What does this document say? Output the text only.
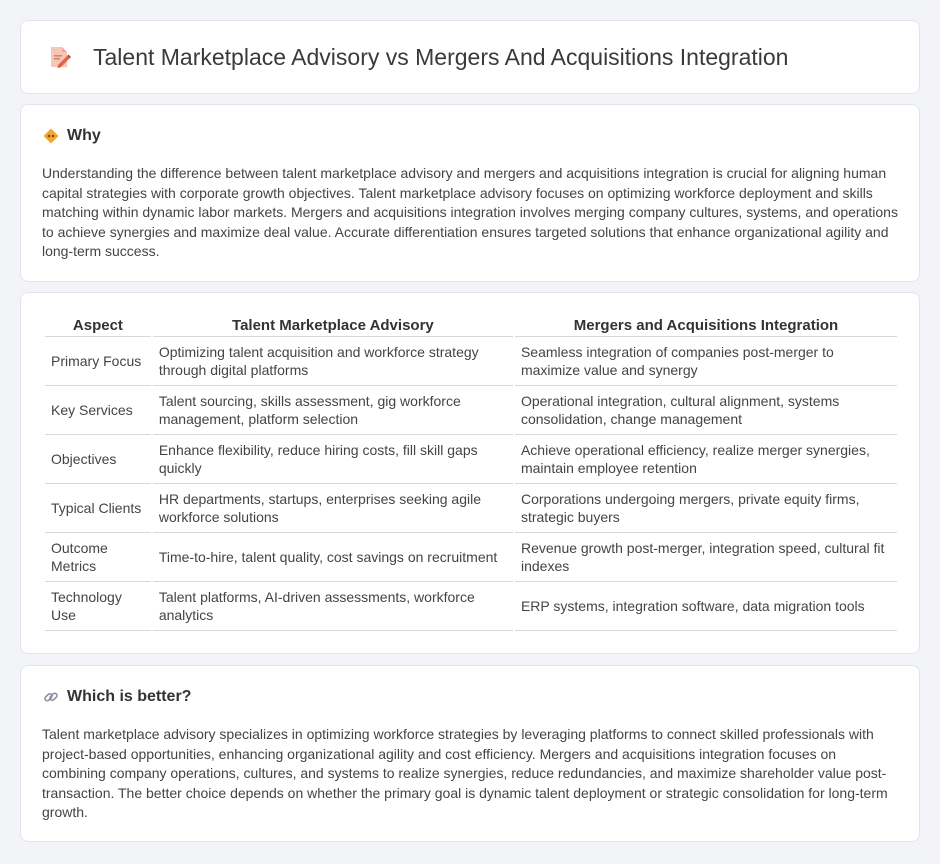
Talent Marketplace Advisory vs Mergers And Acquisitions Integration
Why

Understanding the difference between talent marketplace advisory and mergers and acquisitions integration is crucial for aligning human capital strategies with corporate growth objectives. Talent marketplace advisory focuses on optimizing workforce deployment and skills matching within dynamic labor markets. Mergers and acquisitions integration involves merging company cultures, systems, and operations to achieve synergies and maximize deal value. Accurate differentiation ensures targeted solutions that enhance organizational agility and long-term success.

Aspect	Talent Marketplace Advisory	Mergers and Acquisitions Integration
Primary Focus	Optimizing talent acquisition and workforce strategy through digital platforms	Seamless integration of companies post-merger to maximize value and synergy
Key Services	Talent sourcing, skills assessment, gig workforce management, platform selection	Operational integration, cultural alignment, systems consolidation, change management
Objectives	Enhance flexibility, reduce hiring costs, fill skill gaps quickly	Achieve operational efficiency, realize merger synergies, maintain employee retention
Typical Clients	HR departments, startups, enterprises seeking agile workforce solutions	Corporations undergoing mergers, private equity firms, strategic buyers
Outcome Metrics	Time-to-hire, talent quality, cost savings on recruitment	Revenue growth post-merger, integration speed, cultural fit indexes
Technology Use	Talent platforms, AI-driven assessments, workforce analytics	ERP systems, integration software, data migration tools
Which is better?

Talent marketplace advisory specializes in optimizing workforce strategies by leveraging platforms to connect skilled professionals with project-based opportunities, enhancing organizational agility and cost efficiency. Mergers and acquisitions integration focuses on combining company operations, cultures, and systems to realize synergies, reduce redundancies, and maximize shareholder value post-transaction. The better choice depends on whether the primary goal is dynamic talent deployment or strategic consolidation for long-term growth.
